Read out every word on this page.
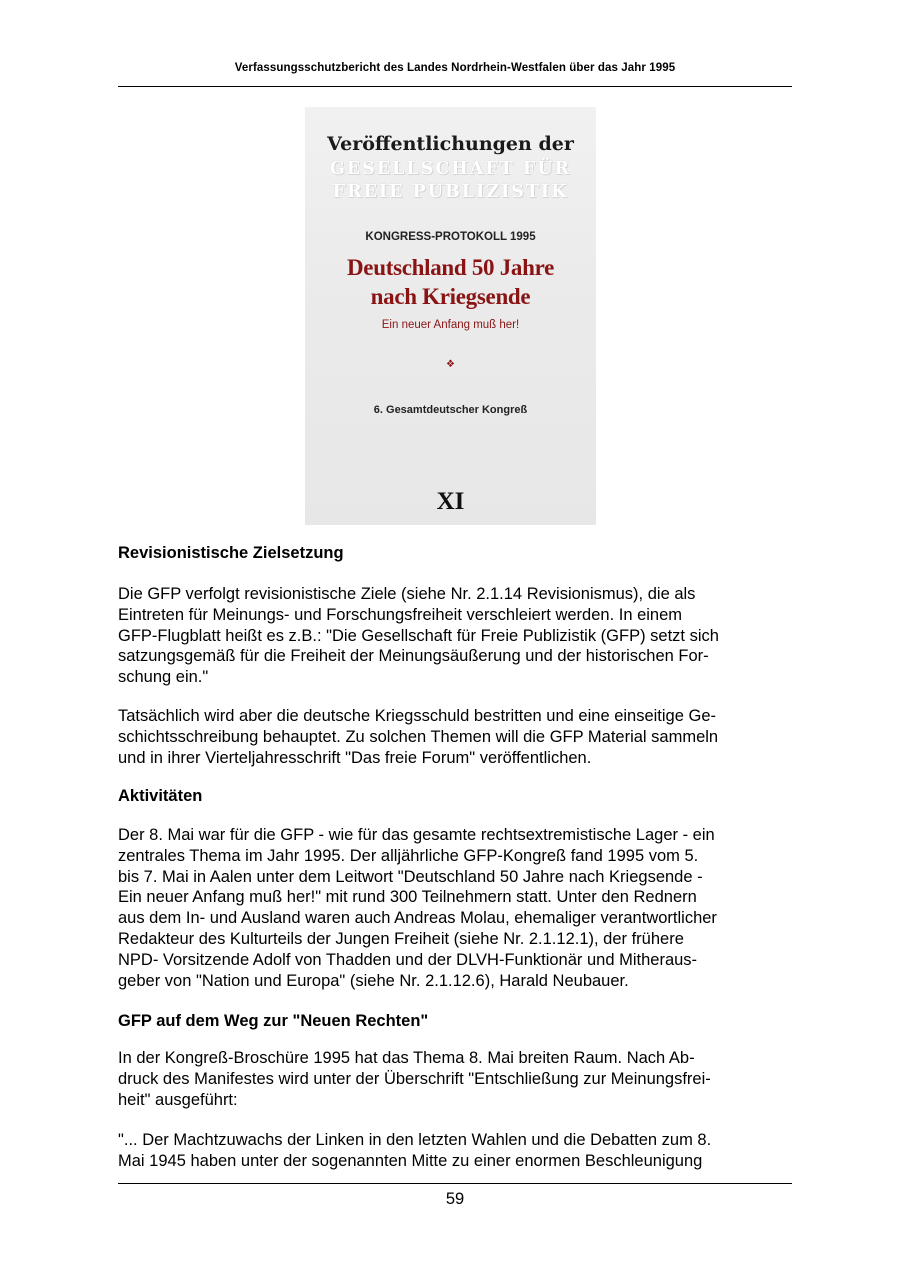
Verfassungsschutzbericht des Landes Nordrhein-Westfalen über das Jahr 1995
Veröffentlichungen der
GESELLSCHAFT FÜR
FREIE PUBLIZISTIK
KONGRESS-PROTOKOLL 1995
Deutschland 50 Jahre
nach Kriegsende
Ein neuer Anfang muß her!
❖
6. Gesamtdeutscher Kongreß
XI
Revisionistische Zielsetzung
Die GFP verfolgt revisionistische Ziele (siehe Nr. 2.1.14 Revisionismus), die als
Eintreten für Meinungs- und Forschungsfreiheit verschleiert werden. In einem
GFP-Flugblatt heißt es z.B.: "Die Gesellschaft für Freie Publizistik (GFP) setzt sich
satzungsgemäß für die Freiheit der Meinungsäußerung und der historischen For-
schung ein."
Tatsächlich wird aber die deutsche Kriegsschuld bestritten und eine einseitige Ge-
schichtsschreibung behauptet. Zu solchen Themen will die GFP Material sammeln
und in ihrer Vierteljahresschrift "Das freie Forum" veröffentlichen.
Aktivitäten
Der 8. Mai war für die GFP - wie für das gesamte rechtsextremistische Lager - ein
zentrales Thema im Jahr 1995. Der alljährliche GFP-Kongreß fand 1995 vom 5.
bis 7. Mai in Aalen unter dem Leitwort "Deutschland 50 Jahre nach Kriegsende -
Ein neuer Anfang muß her!" mit rund 300 Teilnehmern statt. Unter den Rednern
aus dem In- und Ausland waren auch Andreas Molau, ehemaliger verantwortlicher
Redakteur des Kulturteils der Jungen Freiheit (siehe Nr. 2.1.12.1), der frühere
NPD- Vorsitzende Adolf von Thadden und der DLVH-Funktionär und Mitheraus-
geber von "Nation und Europa" (siehe Nr. 2.1.12.6), Harald Neubauer.
GFP auf dem Weg zur "Neuen Rechten"
In der Kongreß-Broschüre 1995 hat das Thema 8. Mai breiten Raum. Nach Ab-
druck des Manifestes wird unter der Überschrift "Entschließung zur Meinungsfrei-
heit" ausgeführt:
"... Der Machtzuwachs der Linken in den letzten Wahlen und die Debatten zum 8.
Mai 1945 haben unter der sogenannten Mitte zu einer enormen Beschleunigung
59
